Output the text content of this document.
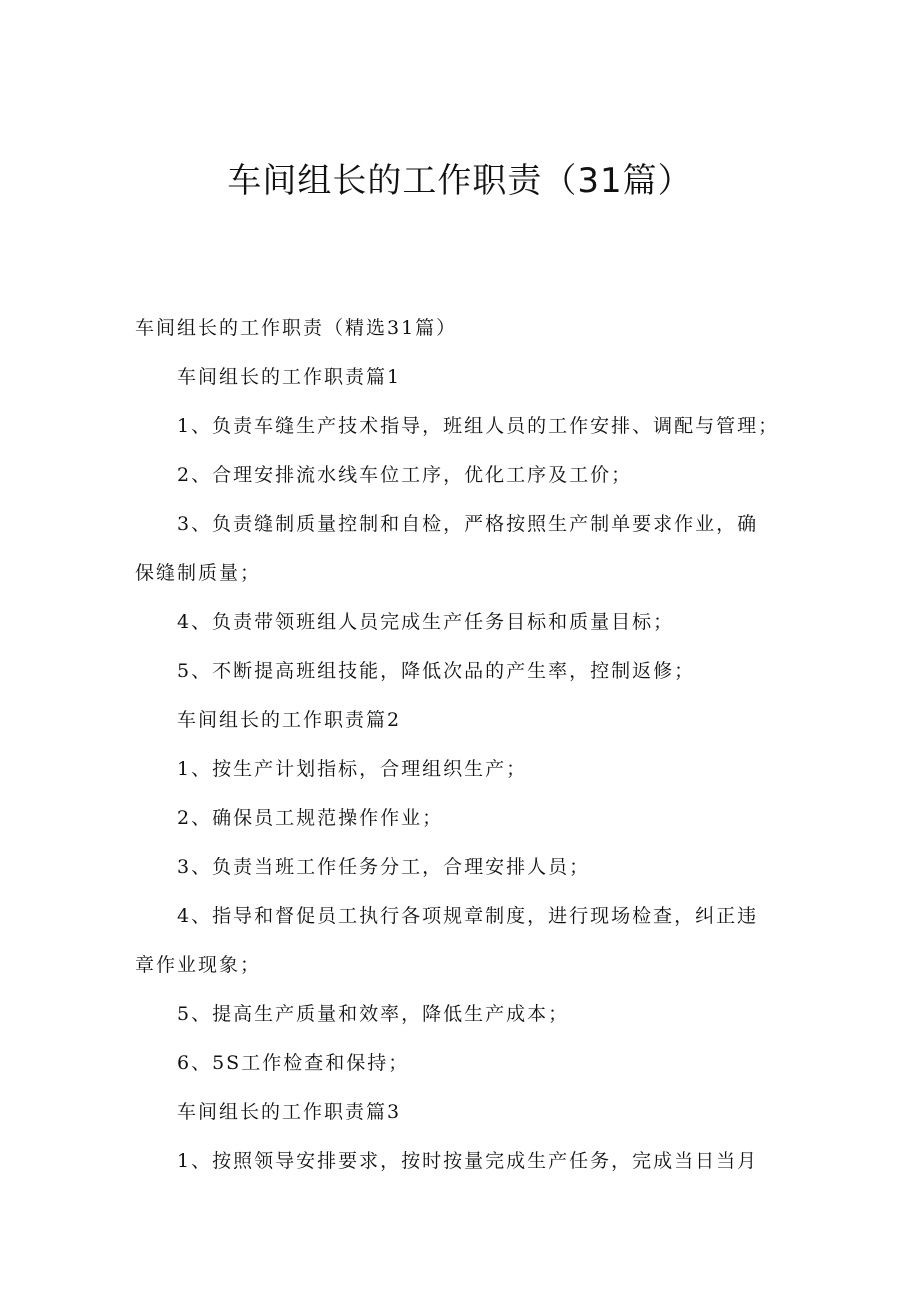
车间组长的工作职责（31篇）
车间组长的工作职责（精选31篇）
车间组长的工作职责篇1
1、负责车缝生产技术指导，班组人员的工作安排、调配与管理；
2、合理安排流水线车位工序，优化工序及工价；
3、负责缝制质量控制和自检，严格按照生产制单要求作业，确
保缝制质量；
4、负责带领班组人员完成生产任务目标和质量目标；
5、不断提高班组技能，降低次品的产生率，控制返修；
车间组长的工作职责篇2
1、按生产计划指标，合理组织生产；
2、确保员工规范操作作业；
3、负责当班工作任务分工，合理安排人员；
4、指导和督促员工执行各项规章制度，进行现场检查，纠正违
章作业现象；
5、提高生产质量和效率，降低生产成本；
6、5S工作检查和保持；
车间组长的工作职责篇3
1、按照领导安排要求，按时按量完成生产任务，完成当日当月
